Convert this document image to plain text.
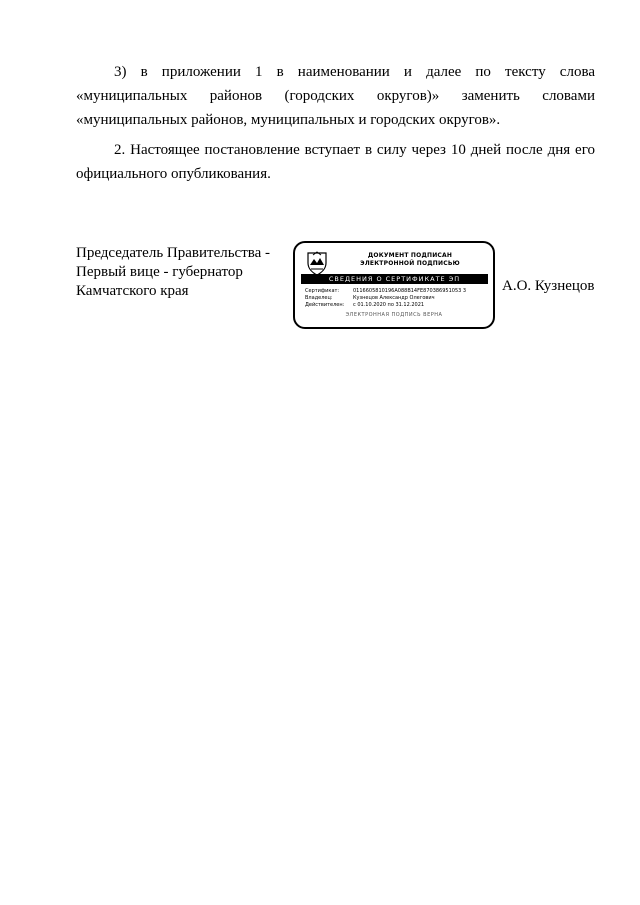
3) в приложении 1 в наименовании и далее по тексту слова
«муниципальных районов (городских округов)» заменить словами
«муниципальных районов, муниципальных и городских округов».
2. Настоящее постановление вступает в силу через 10 дней после дня его официального опубликования.
Председатель Правительства -
Первый вице - губернатор
Камчатского края
ДОКУМЕНТ ПОДПИСАН
ЭЛЕКТРОННОЙ ПОДПИСЬЮ
СВЕДЕНИЯ О СЕРТИФИКАТЕ ЭП
Сертификат:	0116605810196A088B14FE870386951053 3
Владелец:	Кузнецов Александр Олегович
Действителен: с 01.10.2020 по 31.12.2021
ЭЛЕКТРОННАЯ ПОДПИСЬ ВЕРНА
А.О. Кузнецов
